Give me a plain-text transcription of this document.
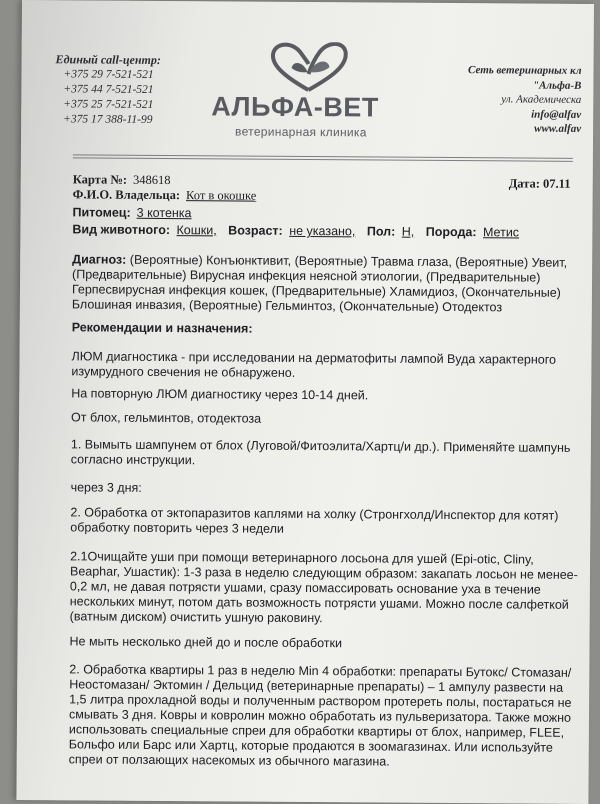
Единый call-центр:
+375 29 7-521-521
+375 44 7-521-521
+375 25 7-521-521
+375 17 388-11-99 АЛЬФА-ВЕТ
ветеринарная клиника
Сеть ветеринарных кл
"Альфа-В
ул. Академическа
info@alfav
www.alfav
Карта №: 348618	Дата: 07.11
Ф.И.О. Владельца: Кот в окошке
Питомец: 3 котенка
Вид животного: Кошки, Возраст: не указано, Пол: Н, Порода: Метис

Диагноз: (Вероятные) Конъюнктивит, (Вероятные) Травма глаза, (Вероятные) Увеит,

(Предварительные) Вирусная инфекция неясной этиологии, (Предварительные)

Герпесвирусная инфекция кошек, (Предварительные) Хламидиоз, (Окончательные)

Блошиная инвазия, (Вероятные) Гельминтоз, (Окончательные) Отодектоз

Рекомендации и назначения:

ЛЮМ диагностика - при исследовании на дерматофиты лампой Вуда характерного

изумрудного свечения не обнаружено.

На повторную ЛЮМ диагностику через 10-14 дней.
От блох, гельминтов, отодектоза

1. Вымыть шампунем от блох (Луговой/Фитоэлита/Хартц/и др.). Применяйте шампунь

согласно инструкции.

через 3 дня:

2. Обработка от эктопаразитов каплями на холку (Стронгхолд/Инспектор для котят)

обработку повторить через 3 недели

2.1Очищайте уши при помощи ветеринарного лосьона для ушей (Epi-otic, Cliny,

Beaphar, Ушастик): 1-3 раза в неделю следующим образом: закапать лосьон не менее-

0,2 мл, не давая потрясти ушами, сразу помассировать основание уха в течение

нескольких минут, потом дать возможность потрясти ушами. Можно после салфеткой

(ватным диском) очистить ушную раковину.

Не мыть несколько дней до и после обработки

2. Обработка квартиры 1 раз в неделю Min 4 обработки: препараты Бутокс/ Стомазан/

Неостомазан/ Эктомин / Дельцид (ветеринарные препараты) – 1 ампулу развести на

1,5 литра прохладной воды и полученным раствором протереть полы, постараться не

смывать 3 дня. Ковры и ковролин можно обработать из пульверизатора. Также можно

использовать специальные спреи для обработки квартиры от блох, например, FLEE,

Больфо или Барс или Хартц, которые продаются в зоомагазинах. Или используйте

спреи от ползающих насекомых из обычного магазина.
